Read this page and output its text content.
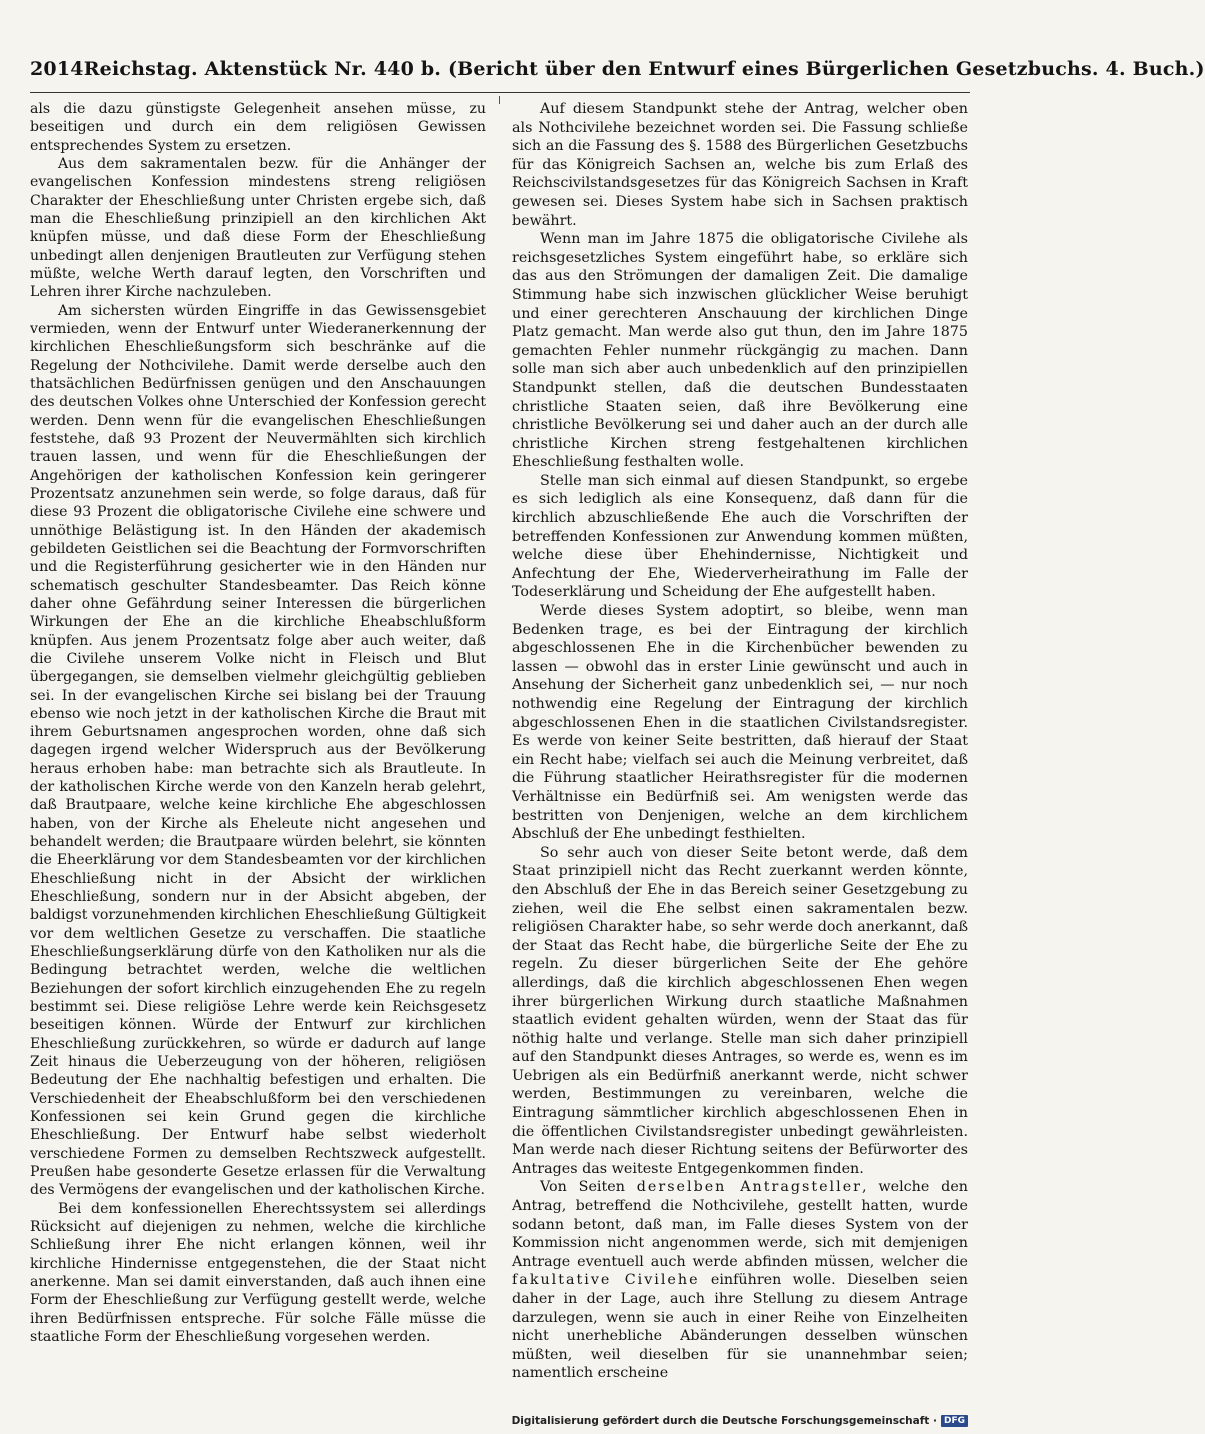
2014 Reichstag. Aktenstück Nr. 440 b. (Bericht über den Entwurf eines Bürgerlichen Gesetzbuchs. 4. Buch.)

als die dazu günstigste Gelegenheit ansehen müsse, zu beseitigen und durch ein dem religiösen Gewissen entsprechendes System zu ersetzen.

Aus dem sakramentalen bezw. für die Anhänger der evangelischen Konfession mindestens streng religiösen Charakter der Eheschließung unter Christen ergebe sich, daß man die Eheschließung prinzipiell an den kirchlichen Akt knüpfen müsse, und daß diese Form der Eheschließung unbedingt allen denjenigen Brautleuten zur Verfügung stehen müßte, welche Werth darauf legten, den Vorschriften und Lehren ihrer Kirche nachzuleben.

Am sichersten würden Eingriffe in das Gewissensgebiet vermieden, wenn der Entwurf unter Wiederanerkennung der kirchlichen Eheschließungsform sich beschränke auf die Regelung der Nothcivilehe. Damit werde derselbe auch den thatsächlichen Bedürfnissen genügen und den Anschauungen des deutschen Volkes ohne Unterschied der Konfession gerecht werden. Denn wenn für die evangelischen Eheschließungen feststehe, daß 93 Prozent der Neuvermählten sich kirchlich trauen lassen, und wenn für die Eheschließungen der Angehörigen der katholischen Konfession kein geringerer Prozentsatz anzunehmen sein werde, so folge daraus, daß für diese 93 Prozent die obligatorische Civilehe eine schwere und unnöthige Belästigung ist. In den Händen der akademisch gebildeten Geistlichen sei die Beachtung der Formvorschriften und die Registerführung gesicherter wie in den Händen nur schematisch geschulter Standesbeamter. Das Reich könne daher ohne Gefährdung seiner Interessen die bürgerlichen Wirkungen der Ehe an die kirchliche Eheabschlußform knüpfen. Aus jenem Prozentsatz folge aber auch weiter, daß die Civilehe unserem Volke nicht in Fleisch und Blut übergegangen, sie demselben vielmehr gleichgültig geblieben sei. In der evangelischen Kirche sei bislang bei der Trauung ebenso wie noch jetzt in der katholischen Kirche die Braut mit ihrem Geburtsnamen angesprochen worden, ohne daß sich dagegen irgend welcher Widerspruch aus der Bevölkerung heraus erhoben habe: man betrachte sich als Brautleute. In der katholischen Kirche werde von den Kanzeln herab gelehrt, daß Brautpaare, welche keine kirchliche Ehe abgeschlossen haben, von der Kirche als Eheleute nicht angesehen und behandelt werden; die Brautpaare würden belehrt, sie könnten die Eheerklärung vor dem Standesbeamten vor der kirchlichen Eheschließung nicht in der Absicht der wirklichen Eheschließung, sondern nur in der Absicht abgeben, der baldigst vorzunehmenden kirchlichen Eheschließung Gültigkeit vor dem weltlichen Gesetze zu verschaffen. Die staatliche Eheschließungserklärung dürfe von den Katholiken nur als die Bedingung betrachtet werden, welche die weltlichen Beziehungen der sofort kirchlich einzugehenden Ehe zu regeln bestimmt sei. Diese religiöse Lehre werde kein Reichsgesetz beseitigen können. Würde der Entwurf zur kirchlichen Eheschließung zurückkehren, so würde er dadurch auf lange Zeit hinaus die Ueberzeugung von der höheren, religiösen Bedeutung der Ehe nachhaltig befestigen und erhalten. Die Verschiedenheit der Eheabschlußform bei den verschiedenen Konfessionen sei kein Grund gegen die kirchliche Eheschließung. Der Entwurf habe selbst wiederholt verschiedene Formen zu demselben Rechtszweck aufgestellt. Preußen habe gesonderte Gesetze erlassen für die Verwaltung des Vermögens der evangelischen und der katholischen Kirche.

Bei dem konfessionellen Eherechtssystem sei allerdings Rücksicht auf diejenigen zu nehmen, welche die kirchliche Schließung ihrer Ehe nicht erlangen können, weil ihr kirchliche Hindernisse entgegenstehen, die der Staat nicht anerkenne. Man sei damit einverstanden, daß auch ihnen eine Form der Eheschließung zur Verfügung gestellt werde, welche ihren Bedürfnissen entspreche. Für solche Fälle müsse die staatliche Form der Eheschließung vorgesehen werden.

Auf diesem Standpunkt stehe der Antrag, welcher oben als Nothcivilehe bezeichnet worden sei. Die Fassung schließe sich an die Fassung des §. 1588 des Bürgerlichen Gesetzbuchs für das Königreich Sachsen an, welche bis zum Erlaß des Reichscivilstandsgesetzes für das Königreich Sachsen in Kraft gewesen sei. Dieses System habe sich in Sachsen praktisch bewährt.

Wenn man im Jahre 1875 die obligatorische Civilehe als reichsgesetzliches System eingeführt habe, so erkläre sich das aus den Strömungen der damaligen Zeit. Die damalige Stimmung habe sich inzwischen glücklicher Weise beruhigt und einer gerechteren Anschauung der kirchlichen Dinge Platz gemacht. Man werde also gut thun, den im Jahre 1875 gemachten Fehler nunmehr rückgängig zu machen. Dann solle man sich aber auch unbedenklich auf den prinzipiellen Standpunkt stellen, daß die deutschen Bundesstaaten christliche Staaten seien, daß ihre Bevölkerung eine christliche Bevölkerung sei und daher auch an der durch alle christliche Kirchen streng festgehaltenen kirchlichen Eheschließung festhalten wolle.

Stelle man sich einmal auf diesen Standpunkt, so ergebe es sich lediglich als eine Konsequenz, daß dann für die kirchlich abzuschließende Ehe auch die Vorschriften der betreffenden Konfessionen zur Anwendung kommen müßten, welche diese über Ehehindernisse, Nichtigkeit und Anfechtung der Ehe, Wiederverheirathung im Falle der Todeserklärung und Scheidung der Ehe aufgestellt haben.

Werde dieses System adoptirt, so bleibe, wenn man Bedenken trage, es bei der Eintragung der kirchlich abgeschlossenen Ehe in die Kirchenbücher bewenden zu lassen — obwohl das in erster Linie gewünscht und auch in Ansehung der Sicherheit ganz unbedenklich sei, — nur noch nothwendig eine Regelung der Eintragung der kirchlich abgeschlossenen Ehen in die staatlichen Civilstandsregister. Es werde von keiner Seite bestritten, daß hierauf der Staat ein Recht habe; vielfach sei auch die Meinung verbreitet, daß die Führung staatlicher Heirathsregister für die modernen Verhältnisse ein Bedürfniß sei. Am wenigsten werde das bestritten von Denjenigen, welche an dem kirchlichem Abschluß der Ehe unbedingt festhielten.

So sehr auch von dieser Seite betont werde, daß dem Staat prinzipiell nicht das Recht zuerkannt werden könnte, den Abschluß der Ehe in das Bereich seiner Gesetzgebung zu ziehen, weil die Ehe selbst einen sakramentalen bezw. religiösen Charakter habe, so sehr werde doch anerkannt, daß der Staat das Recht habe, die bürgerliche Seite der Ehe zu regeln. Zu dieser bürgerlichen Seite der Ehe gehöre allerdings, daß die kirchlich abgeschlossenen Ehen wegen ihrer bürgerlichen Wirkung durch staatliche Maßnahmen staatlich evident gehalten würden, wenn der Staat das für nöthig halte und verlange. Stelle man sich daher prinzipiell auf den Standpunkt dieses Antrages, so werde es, wenn es im Uebrigen als ein Bedürfniß anerkannt werde, nicht schwer werden, Bestimmungen zu vereinbaren, welche die Eintragung sämmtlicher kirchlich abgeschlossenen Ehen in die öffentlichen Civilstandsregister unbedingt gewährleisten. Man werde nach dieser Richtung seitens der Befürworter des Antrages das weiteste Entgegenkommen finden.

Von Seiten derselben Antragsteller, welche den Antrag, betreffend die Nothcivilehe, gestellt hatten, wurde sodann betont, daß man, im Falle dieses System von der Kommission nicht angenommen werde, sich mit demjenigen Antrage eventuell auch werde abfinden müssen, welcher die fakultative Civilehe einführen wolle. Dieselben seien daher in der Lage, auch ihre Stellung zu diesem Antrage darzulegen, wenn sie auch in einer Reihe von Einzelheiten nicht unerhebliche Abänderungen desselben wünschen müßten, weil dieselben für sie unannehmbar seien; namentlich erscheine

Digitalisierung gefördert durch die Deutsche Forschungsgemeinschaft · DFG
